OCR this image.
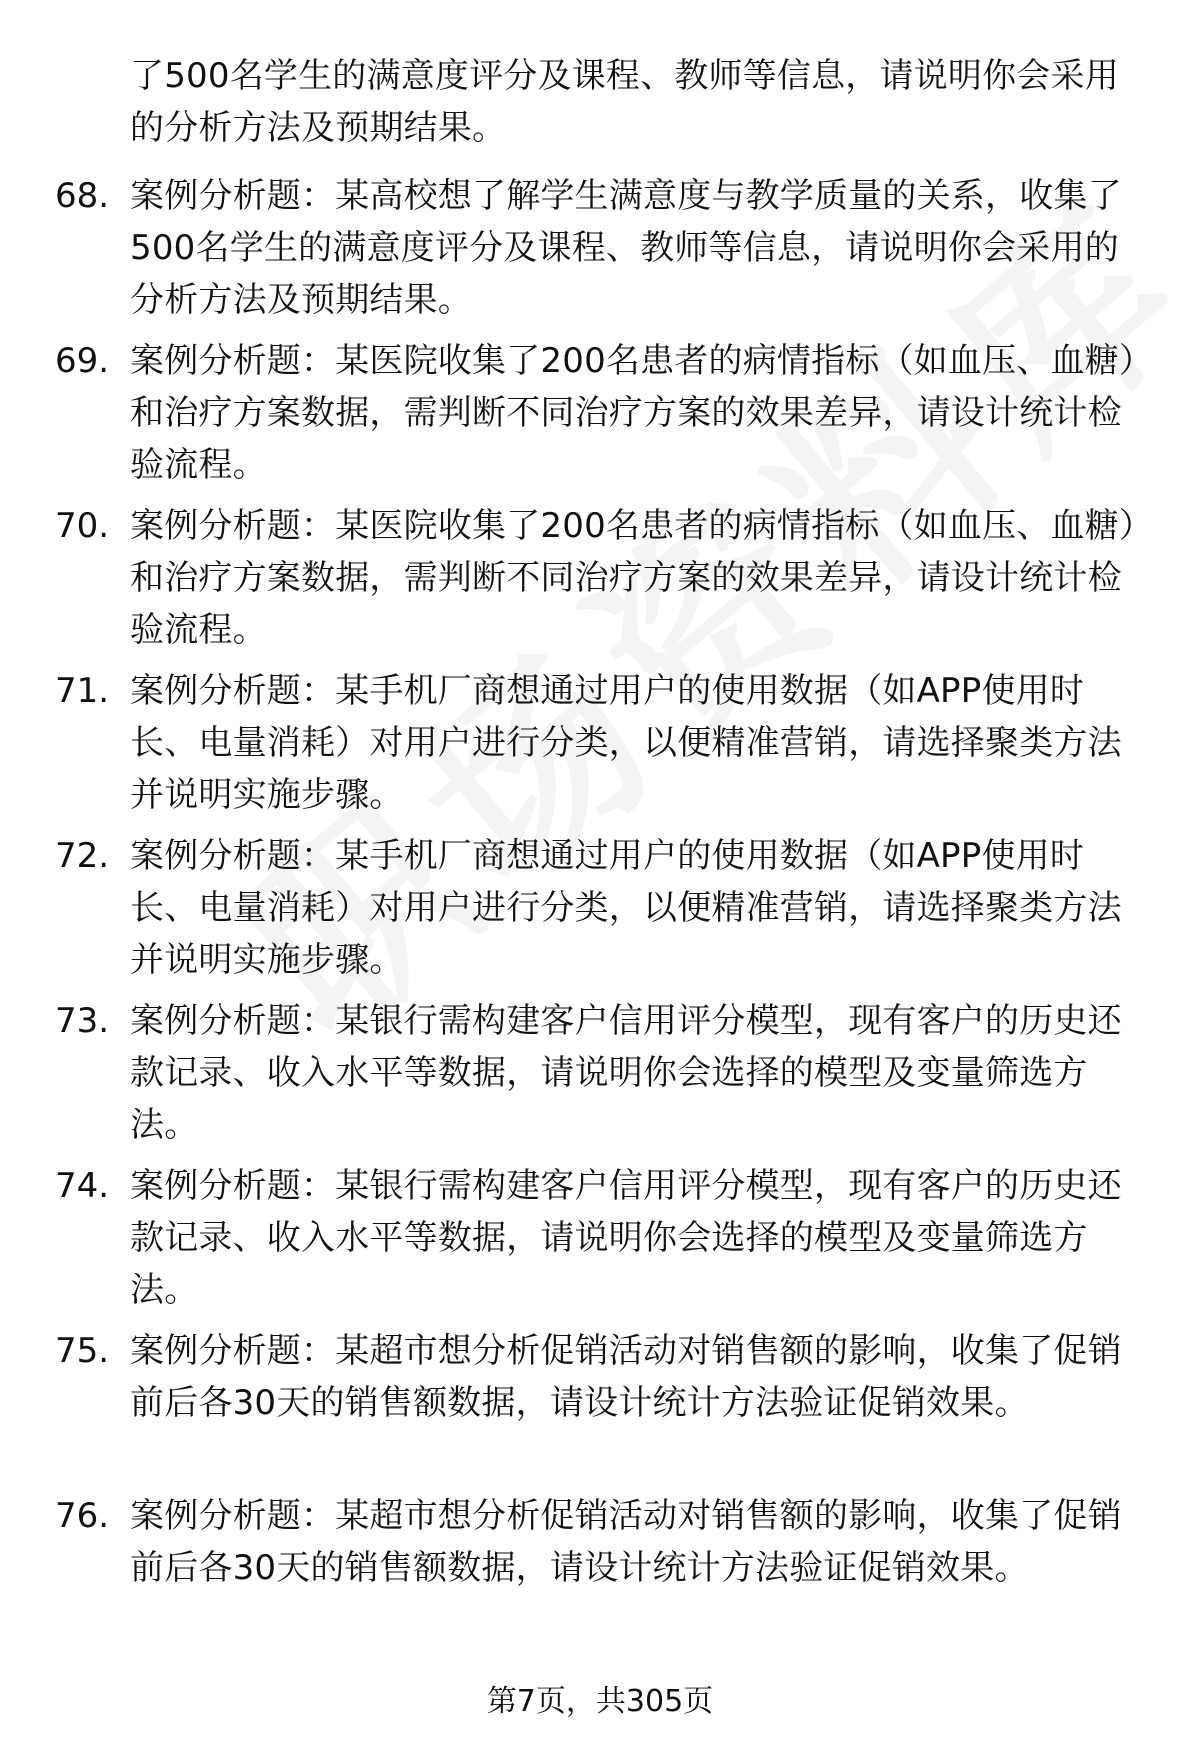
了500名学生的满意度评分及课程、教师等信息，请说明你会采用的分析方法及预期结果。
68. 案例分析题：某高校想了解学生满意度与教学质量的关系，收集了500名学生的满意度评分及课程、教师等信息，请说明你会采用的分析方法及预期结果。
69. 案例分析题：某医院收集了200名患者的病情指标（如血压、血糖）和治疗方案数据，需判断不同治疗方案的效果差异，请设计统计检验流程。
70. 案例分析题：某医院收集了200名患者的病情指标（如血压、血糖）和治疗方案数据，需判断不同治疗方案的效果差异，请设计统计检验流程。
71. 案例分析题：某手机厂商想通过用户的使用数据（如APP使用时长、电量消耗）对用户进行分类，以便精准营销，请选择聚类方法并说明实施步骤。
72. 案例分析题：某手机厂商想通过用户的使用数据（如APP使用时长、电量消耗）对用户进行分类，以便精准营销，请选择聚类方法并说明实施步骤。
73. 案例分析题：某银行需构建客户信用评分模型，现有客户的历史还款记录、收入水平等数据，请说明你会选择的模型及变量筛选方法。
74. 案例分析题：某银行需构建客户信用评分模型，现有客户的历史还款记录、收入水平等数据，请说明你会选择的模型及变量筛选方法。
75. 案例分析题：某超市想分析促销活动对销售额的影响，收集了促销前后各30天的销售额数据，请设计统计方法验证促销效果。
76. 案例分析题：某超市想分析促销活动对销售额的影响，收集了促销前后各30天的销售额数据，请设计统计方法验证促销效果。
第7页，共305页
